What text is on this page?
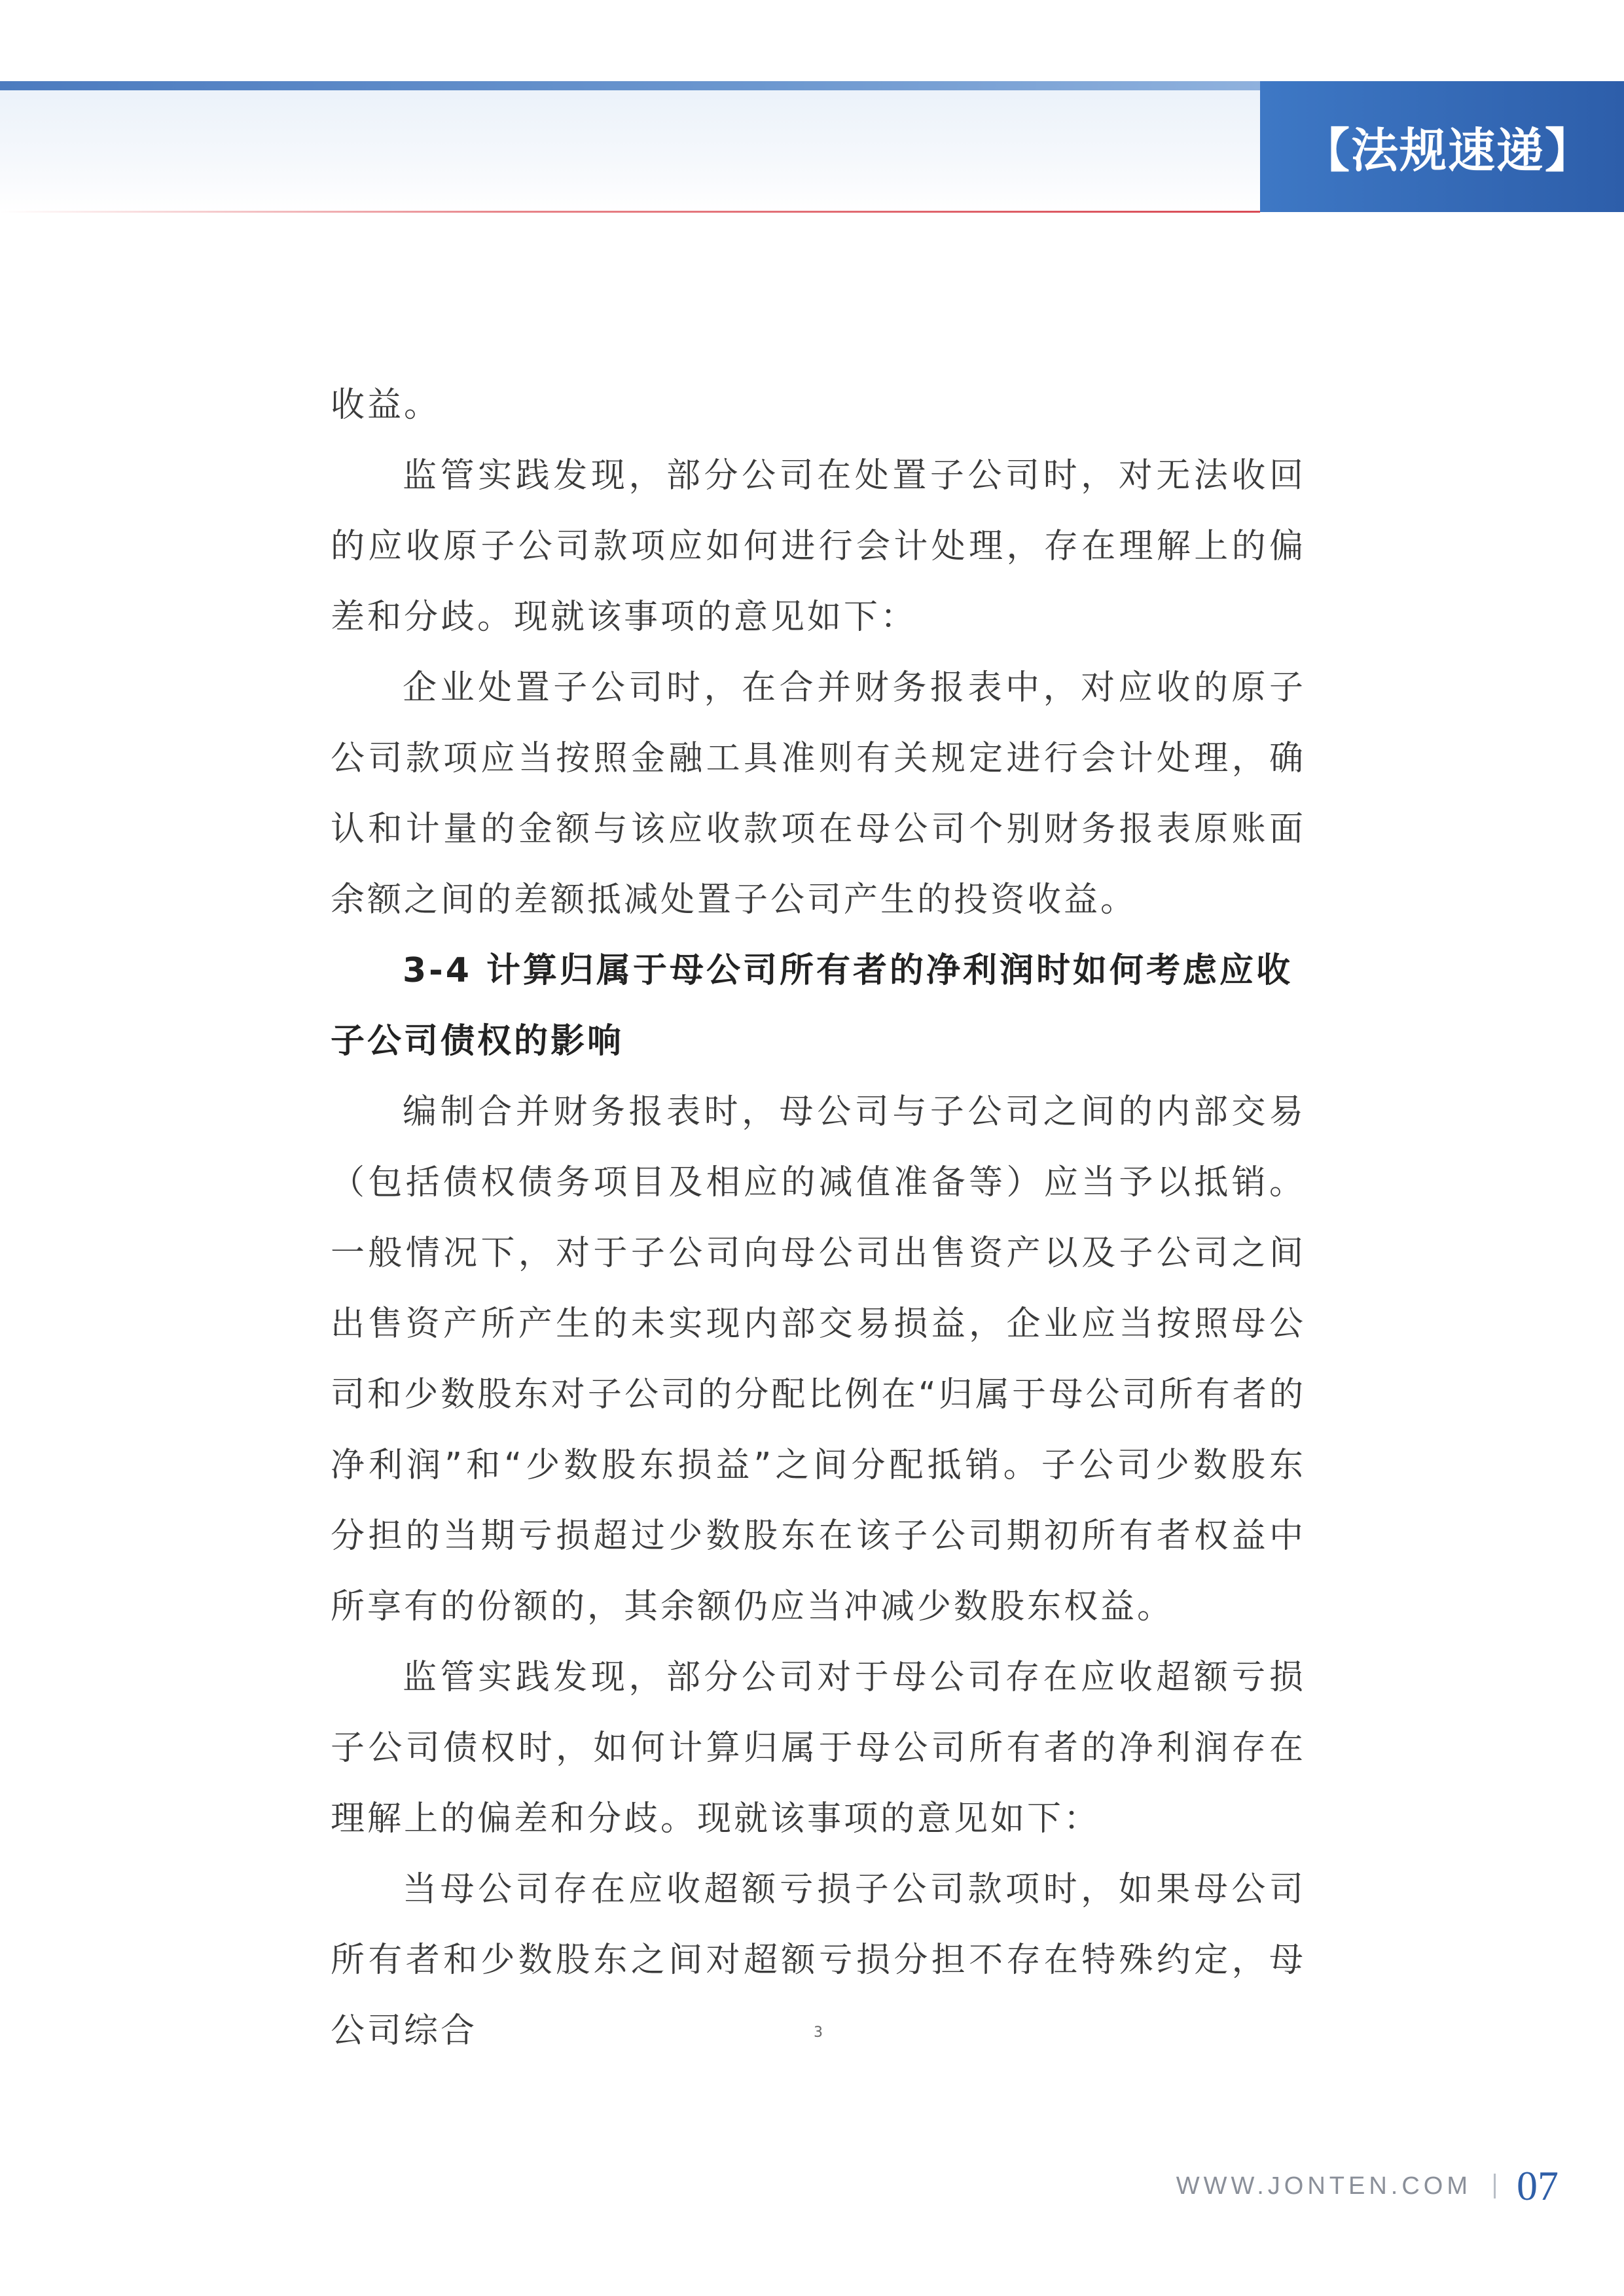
【法规速递】

收益。

监管实践发现，部分公司在处置子公司时，对无法收回的应收原子公司款项应如何进行会计处理，存在理解上的偏差和分歧。现就该事项的意见如下：

企业处置子公司时，在合并财务报表中，对应收的原子公司款项应当按照金融工具准则有关规定进行会计处理，确认和计量的金额与该应收款项在母公司个别财务报表原账面余额之间的差额抵减处置子公司产生的投资收益。

3-4 计算归属于母公司所有者的净利润时如何考虑应收子公司债权的影响

编制合并财务报表时，母公司与子公司之间的内部交易（包括债权债务项目及相应的减值准备等）应当予以抵销。一般情况下，对于子公司向母公司出售资产以及子公司之间出售资产所产生的未实现内部交易损益，企业应当按照母公司和少数股东对子公司的分配比例在“归属于母公司所有者的净利润”和“少数股东损益”之间分配抵销。子公司少数股东分担的当期亏损超过少数股东在该子公司期初所有者权益中所享有的份额的，其余额仍应当冲减少数股东权益。

监管实践发现，部分公司对于母公司存在应收超额亏损子公司债权时，如何计算归属于母公司所有者的净利润存在理解上的偏差和分歧。现就该事项的意见如下：

当母公司存在应收超额亏损子公司款项时，如果母公司所有者和少数股东之间对超额亏损分担不存在特殊约定，母公司综合	3
WWW.JONTEN.COM 07
